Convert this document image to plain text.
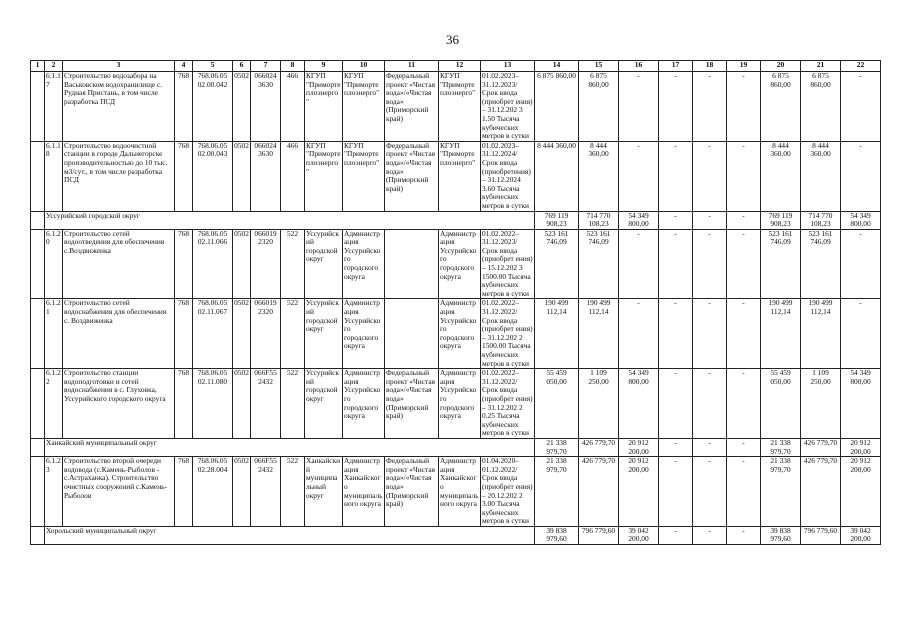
36
1	2	3	4	5	6	7	8	9	10	11	12	13	14	15	16	17	18	19	20	21	22
	6.1.17	Строительство водозабора на Васьковском водохранилище с. Рудная Пристань, в том числе разработка ПСД	768	768.06.05 02.00.042	0502	066024 3630	466	КГУП "Приморте плоэнерго"	КГУП "Приморте плоэнерго"	Федеральный проект «Чистая вода»/«Чистая вода» (Приморский край)	КГУП "Приморте плоэнерго"	01.02.2023–31.12.2023/ Срок ввода (приобрет ения) – 31.12.202 3 1.50 Тысяча кубических метров в сутки	6 875 860,00	6 875 860,00	-	-	-	-	6 875 860,00	6 875 860,00	-
	6.1.18	Строительство водоочистной станции в городе Дальнегорске производительностью до 10 тыс. м3/сут., в том числе разработка ПСД	768	768.06.05 02.00.043	0502	066024 3630	466	КГУП "Приморте плоэнерго"	КГУП "Приморте плоэнерго"	Федеральный проект «Чистая вода»/«Чистая вода» (Приморский край)	КГУП "Приморте плоэнерго"	01.02.2023–31.12.2024/ Срок ввода (приобретения) – 31.12.2024 3.60 Тысяча кубических метров в сутки	8 444 360,00	8 444 360,00	-	-	-	-	8 444 360,00	8 444 360,00	-
	Уссурийский городской округ												769 119 908,23	714 770 108,23	54 349 800,00	-	-	-	769 119 908,23	714 770 108,23	54 349 800,00
	6.1.20	Строительство сетей водоотведения для обеспечения с.Воздвиженка	768	768.06.05 02.11.066	0502	066019 2320	522	Уссурийский городской округ	Администрация Уссурийского городского округа		Администрация Уссурийского городского округа	01.02.2022–31.12.2023/ Срок ввода (приобрет ения) – 15.12.202 3 1500.00 Тысяча кубических метров в сутки	523 161 746,09	523 161 746,09	-	-	-	-	523 161 746,09	523 161 746,09	-
	6.1.21	Строительство сетей водоснабжения для обеспечения с. Воздвиженка	768	768.06.05 02.11.067	0502	066019 2320	522	Уссурийский городской округ	Администрация Уссурийского городского округа		Администрация Уссурийского городского округа	01.02.2022–31.12.2022/ Срок ввода (приобрет ения) – 31.12.202 2 1500.00 Тысяча кубических метров в сутки	190 499 112,14	190 499 112,14	-	-	-	-	190 499 112,14	190 499 112,14	-
	6.1.22	Строительство станции водоподготовки и сетей водоснабжения в с. Глуховка, Уссурийского городского округа	768	768.06.05 02.11.080	0502	066F55 2432	522	Уссурийский городской округ	Администрация Уссурийского городского округа	Федеральный проект «Чистая вода»/«Чистая вода» (Приморский край)	Администрация Уссурийского городского округа	01.02.2022–31.12.2022/ Срок ввода (приобрет ения) – 31.12.202 2 0.25 Тысяча кубических метров в сутки	55 459 050,00	1 109 250,00	54 349 800,00	-	-	-	55 459 050,00	1 109 250,00	54 349 800,00
	Ханкайский муниципальный округ												21 338 979,70	426 779,70	20 912 200,00	-	-	-	21 338 979,70	426 779,70	20 912 200,00
	6.1.23	Строительство второй очереди водовода (с.Камень-Рыболов - с.Астраханка). Строительство очистных сооружений с.Камень-Рыболов	768	768.06.05 02.28.004	0502	066F55 2432	522	Ханкайский муниципальный округ	Администрация Ханкайского муниципального округа	Федеральный проект «Чистая вода»/«Чистая вода» (Приморский край)	Администрация Ханкайского муниципального округа	01.04.2020–01.12.2022/ Срок ввода (приобрет ения) – 20.12.202 2 3.00 Тысяча кубических метров в сутки	21 338 979,70	426 779,70	20 912 200,00	-	-	-	21 338 979,70	426 779,70	20 912 200,00
	Хорольский муниципальный округ												39 838 979,60	796 779,60	39 042 200,00	-	-	-	39 838 979,60	796 779,60	39 042 200,00
